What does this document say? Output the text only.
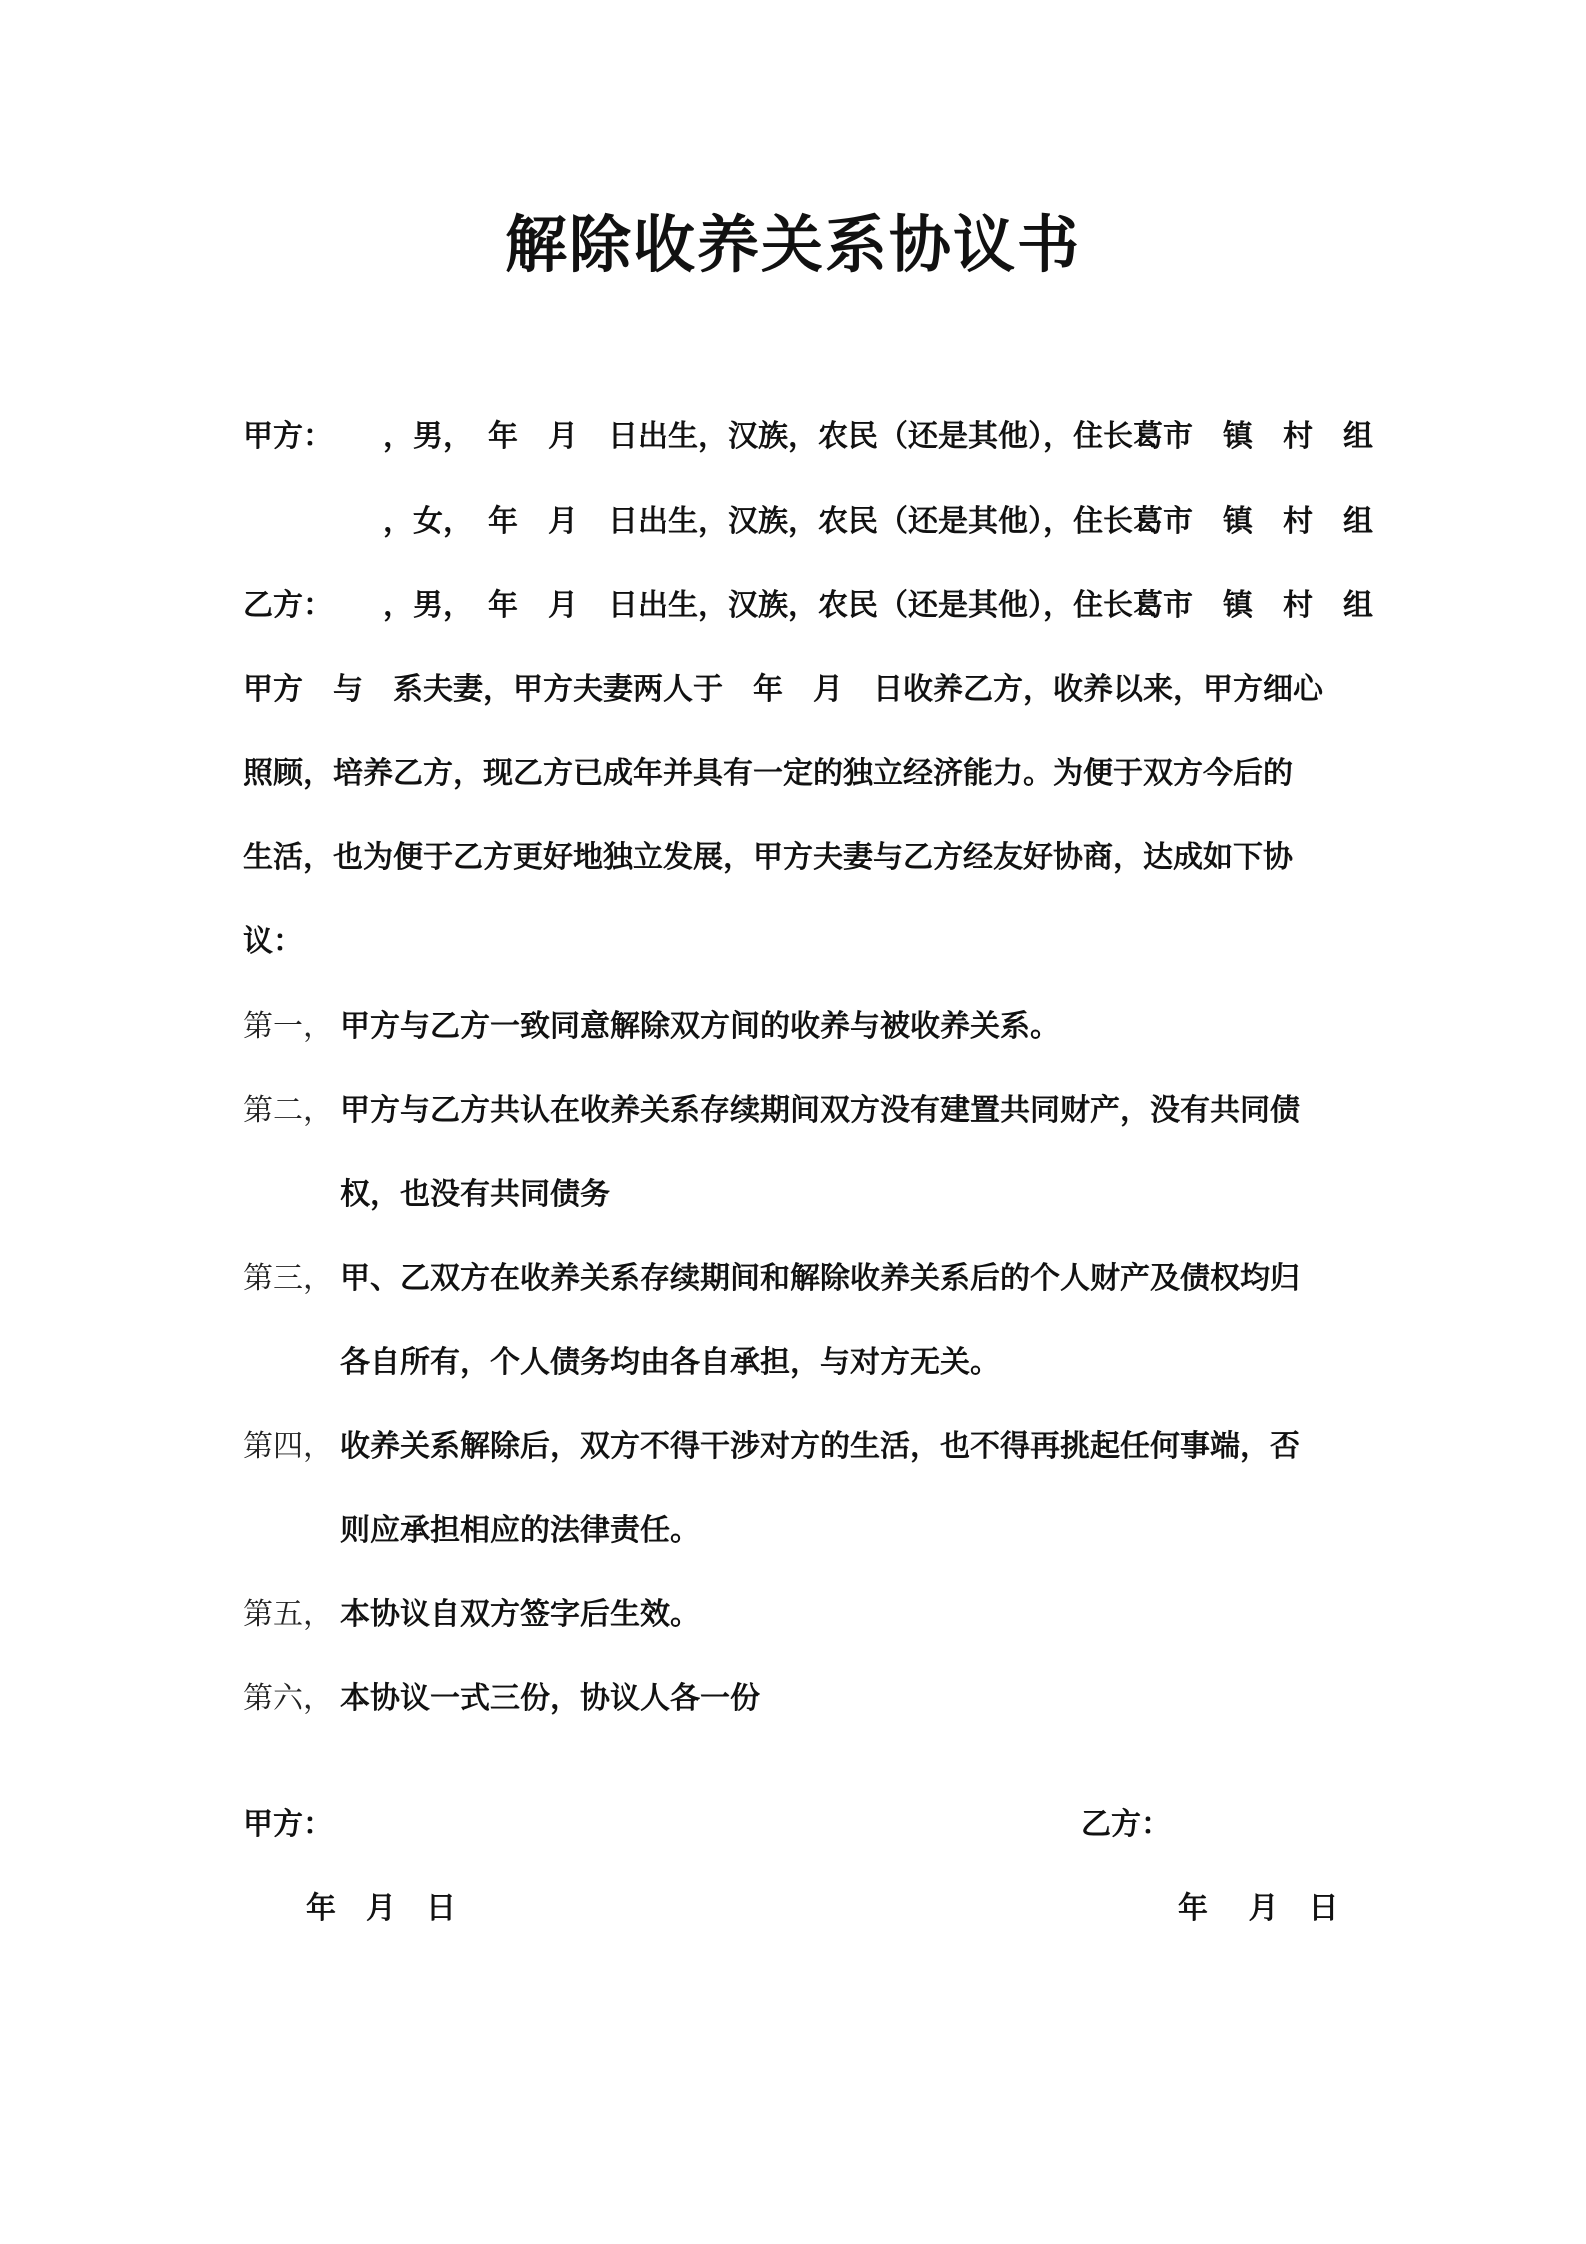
解除收养关系协议书
甲方： ，男，　年　月　日出生，汉族，农民（还是其他），住长葛市　镇　村　组
，女，　年　月　日出生，汉族，农民（还是其他），住长葛市　镇　村　组
乙方： ，男，　年　月　日出生，汉族，农民（还是其他），住长葛市　镇　村　组
甲方　与　系夫妻，甲方夫妻两人于　年　月　日收养乙方，收养以来，甲方细心
照顾，培养乙方，现乙方已成年并具有一定的独立经济能力。为便于双方今后的
生活，也为便于乙方更好地独立发展，甲方夫妻与乙方经友好协商，达成如下协
议：
第一， 甲方与乙方一致同意解除双方间的收养与被收养关系。
第二， 甲方与乙方共认在收养关系存续期间双方没有建置共同财产，没有共同债
权，也没有共同债务
第三， 甲、乙双方在收养关系存续期间和解除收养关系后的个人财产及债权均归
各自所有，个人债务均由各自承担，与对方无关。
第四， 收养关系解除后，双方不得干涉对方的生活，也不得再挑起任何事端，否
则应承担相应的法律责任。
第五， 本协议自双方签字后生效。
第六， 本协议一式三份，协议人各一份
甲方：	乙方：
年　月　日	年　 月　日
